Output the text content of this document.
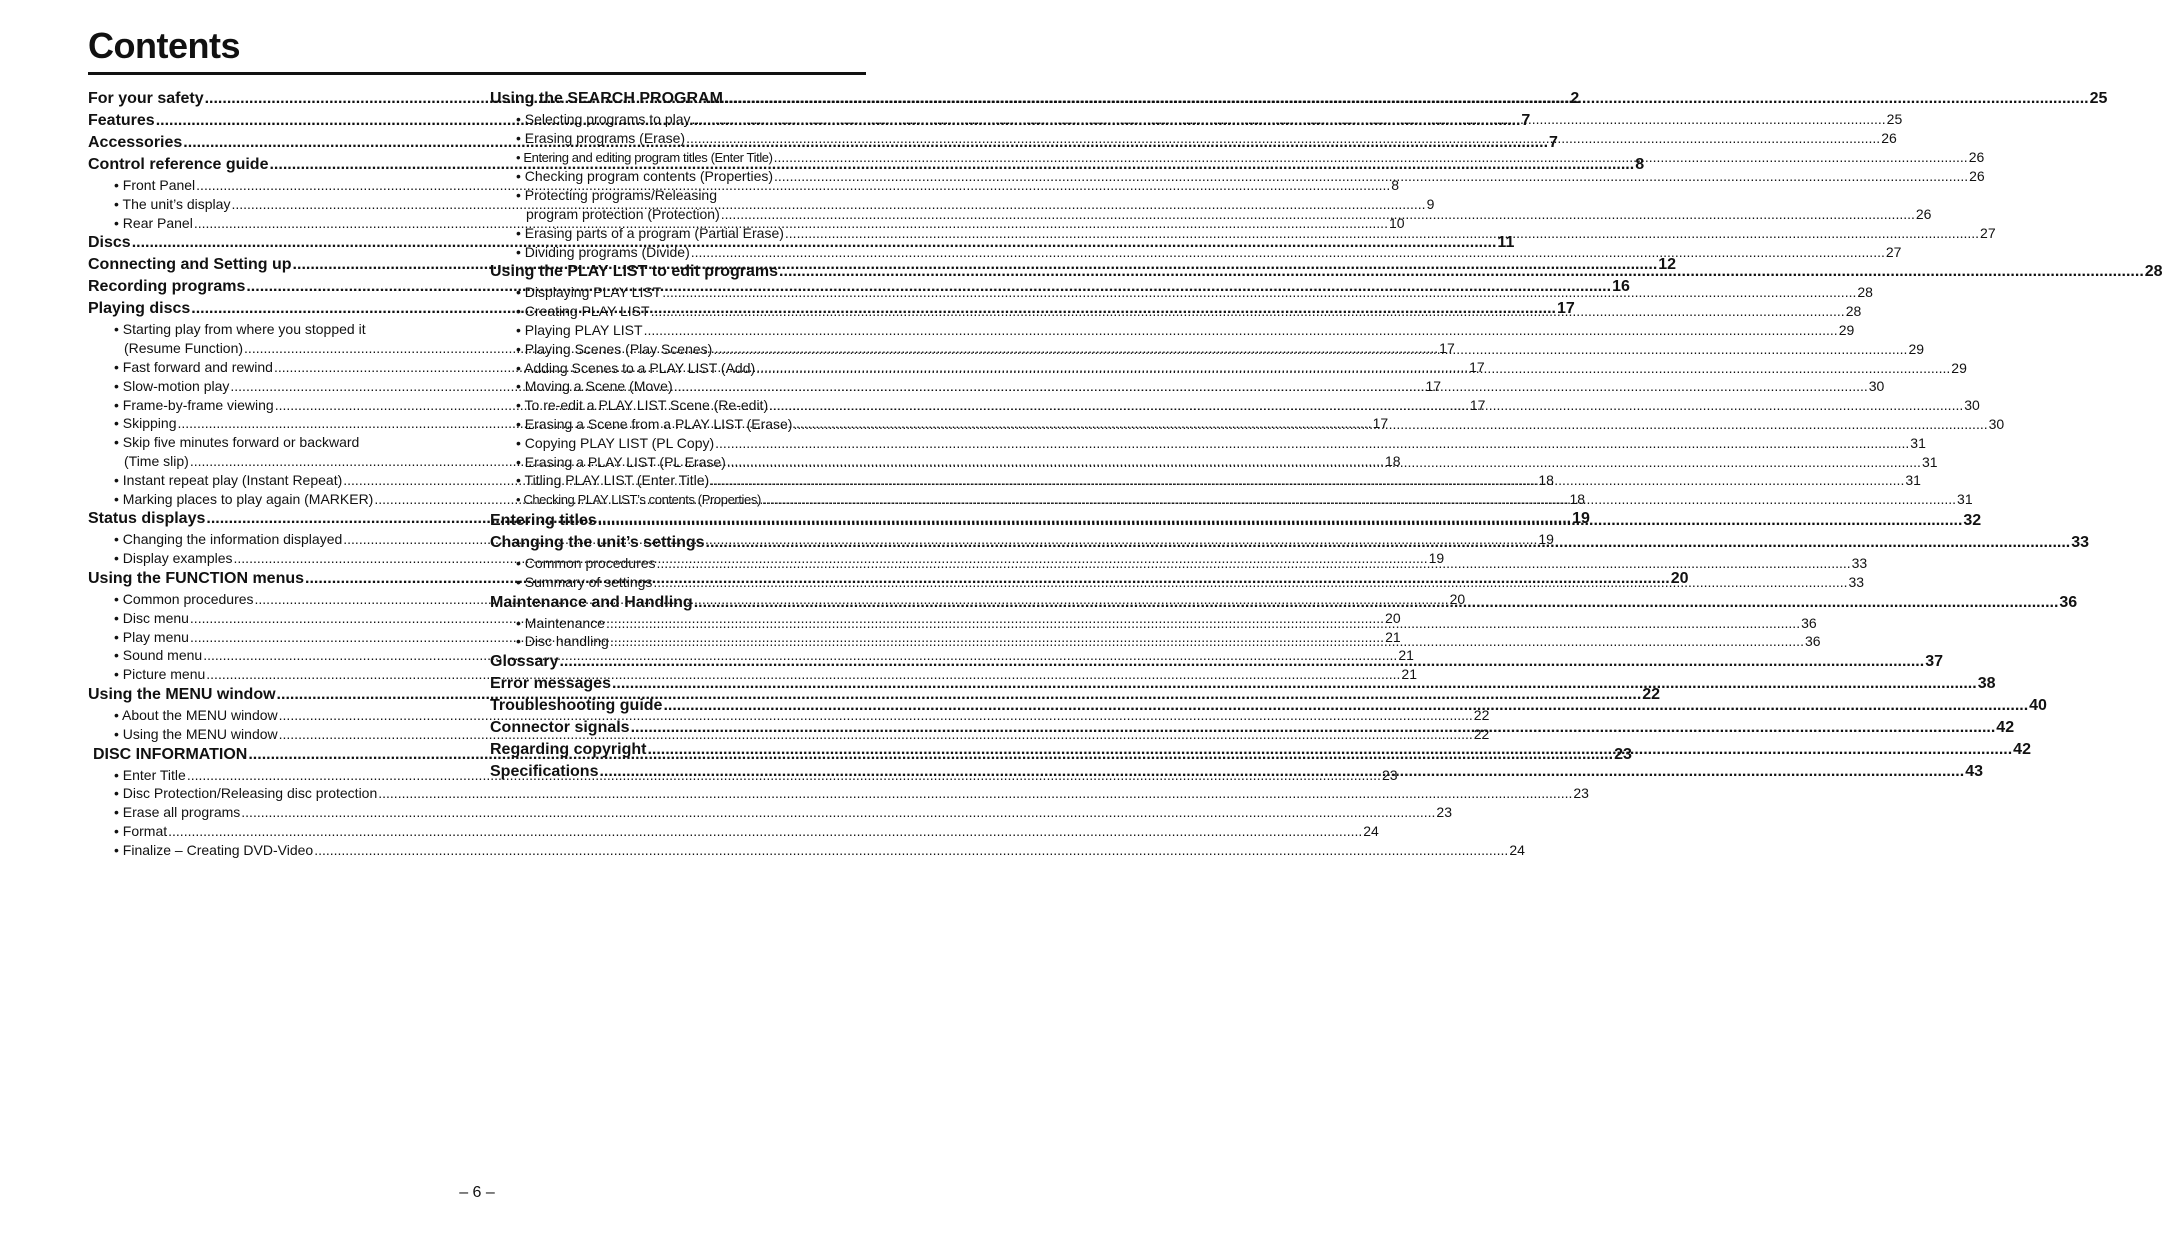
Contents
For your safety .....	2
Features .....	7
Accessories .....	7
Control reference guide .....	8
• Front Panel .....	8
• The unit’s display .....	9
• Rear Panel .....	10
Discs .....	11
Connecting and Setting up .....	12
Recording programs .....	16
Playing discs .....	17
• Starting play from where you stopped it
(Resume Function) .....	17
• Fast forward and rewind .....	17
• Slow-motion play .....	17
• Frame-by-frame viewing .....	17
• Skipping .....	17
• Skip five minutes forward or backward
(Time slip) .....	18
• Instant repeat play (Instant Repeat) .....	18
• Marking places to play again (MARKER) .....	18
Status displays .....	19
• Changing the information displayed .....	19
• Display examples .....	19
Using the FUNCTION menus .....	20
• Common procedures .....	20
• Disc menu .....	20
• Play menu .....	21
• Sound menu .....	21
• Picture menu .....	21
Using the MENU window .....	22
• About the MENU window .....	22
• Using the MENU window .....	22
DISC INFORMATION .....	23
• Enter Title .....	23
• Disc Protection/Releasing disc protection .....	23
• Erase all programs .....	23
• Format .....	24
• Finalize – Creating DVD-Video .....	24
Using the SEARCH PROGRAM .....	25
• Selecting programs to play .....	25
• Erasing programs (Erase) .....	26
• Entering and editing program titles (Enter Title) .....	26
• Checking program contents (Properties) .....	26
• Protecting programs/Releasing
program protection (Protection) .....	26
• Erasing parts of a program (Partial Erase) .....	27
• Dividing programs (Divide) .....	27
Using the PLAY LIST to edit programs .....	28
• Displaying PLAY LIST .....	28
• Creating PLAY LIST .....	28
• Playing PLAY LIST .....	29
• Playing Scenes (Play Scenes) .....	29
• Adding Scenes to a PLAY LIST (Add) .....	29
• Moving a Scene (Move) .....	30
• To re-edit a PLAY LIST Scene (Re-edit) .....	30
• Erasing a Scene from a PLAY LIST (Erase) .....	30
• Copying PLAY LIST (PL Copy) .....	31
• Erasing a PLAY LIST (PL Erase) .....	31
• Titling PLAY LIST (Enter Title) .....	31
• Checking PLAY LIST’s contents (Properties) .....	31
Entering titles .....	32
Changing the unit’s settings .....	33
• Common procedures .....	33
• Summary of settings .....	33
Maintenance and Handling .....	36
• Maintenance .....	36
• Disc handling .....	36
Glossary .....	37
Error messages .....	38
Troubleshooting guide .....	40
Connector signals .....	42
Regarding copyright .....	42
Specifications .....	43
– 6 –
